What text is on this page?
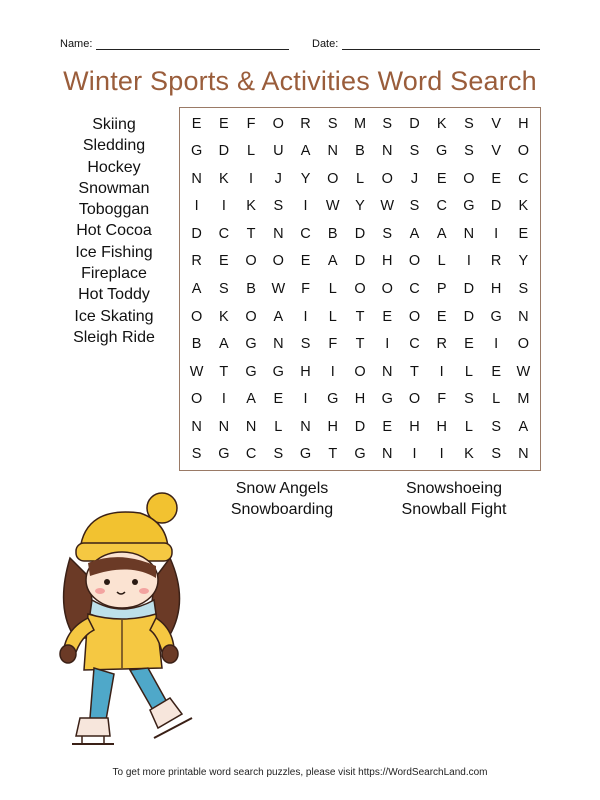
Name:	Date:
Winter Sports & Activities Word Search
Skiing
Sledding
Hockey
Snowman
Toboggan
Hot Cocoa
Ice Fishing
Fireplace
Hot Toddy
Ice Skating
Sleigh Ride
E	E	F	O	R	S	M	S	D	K	S	V	H
G	D	L	U	A	N	B	N	S	G	S	V	O
N	K	I	J	Y	O	L	O	J	E	O	E	C
I	I	K	S	I	W	Y	W	S	C	G	D	K
D	C	T	N	C	B	D	S	A	A	N	I	E
R	E	O	O	E	A	D	H	O	L	I	R	Y
A	S	B	W	F	L	O	O	C	P	D	H	S
O	K	O	A	I	L	T	E	O	E	D	G	N
B	A	G	N	S	F	T	I	C	R	E	I	O
W	T	G	G	H	I	O	N	T	I	L	E	W
O	I	A	E	I	G	H	G	O	F	S	L	M
N	N	N	L	N	H	D	E	H	H	L	S	A
S	G	C	S	G	T	G	N	I	I	K	S	N
Snow Angels
Snowboarding
Snowshoeing
Snowball Fight
To get more printable word search puzzles, please visit https://WordSearchLand.com
